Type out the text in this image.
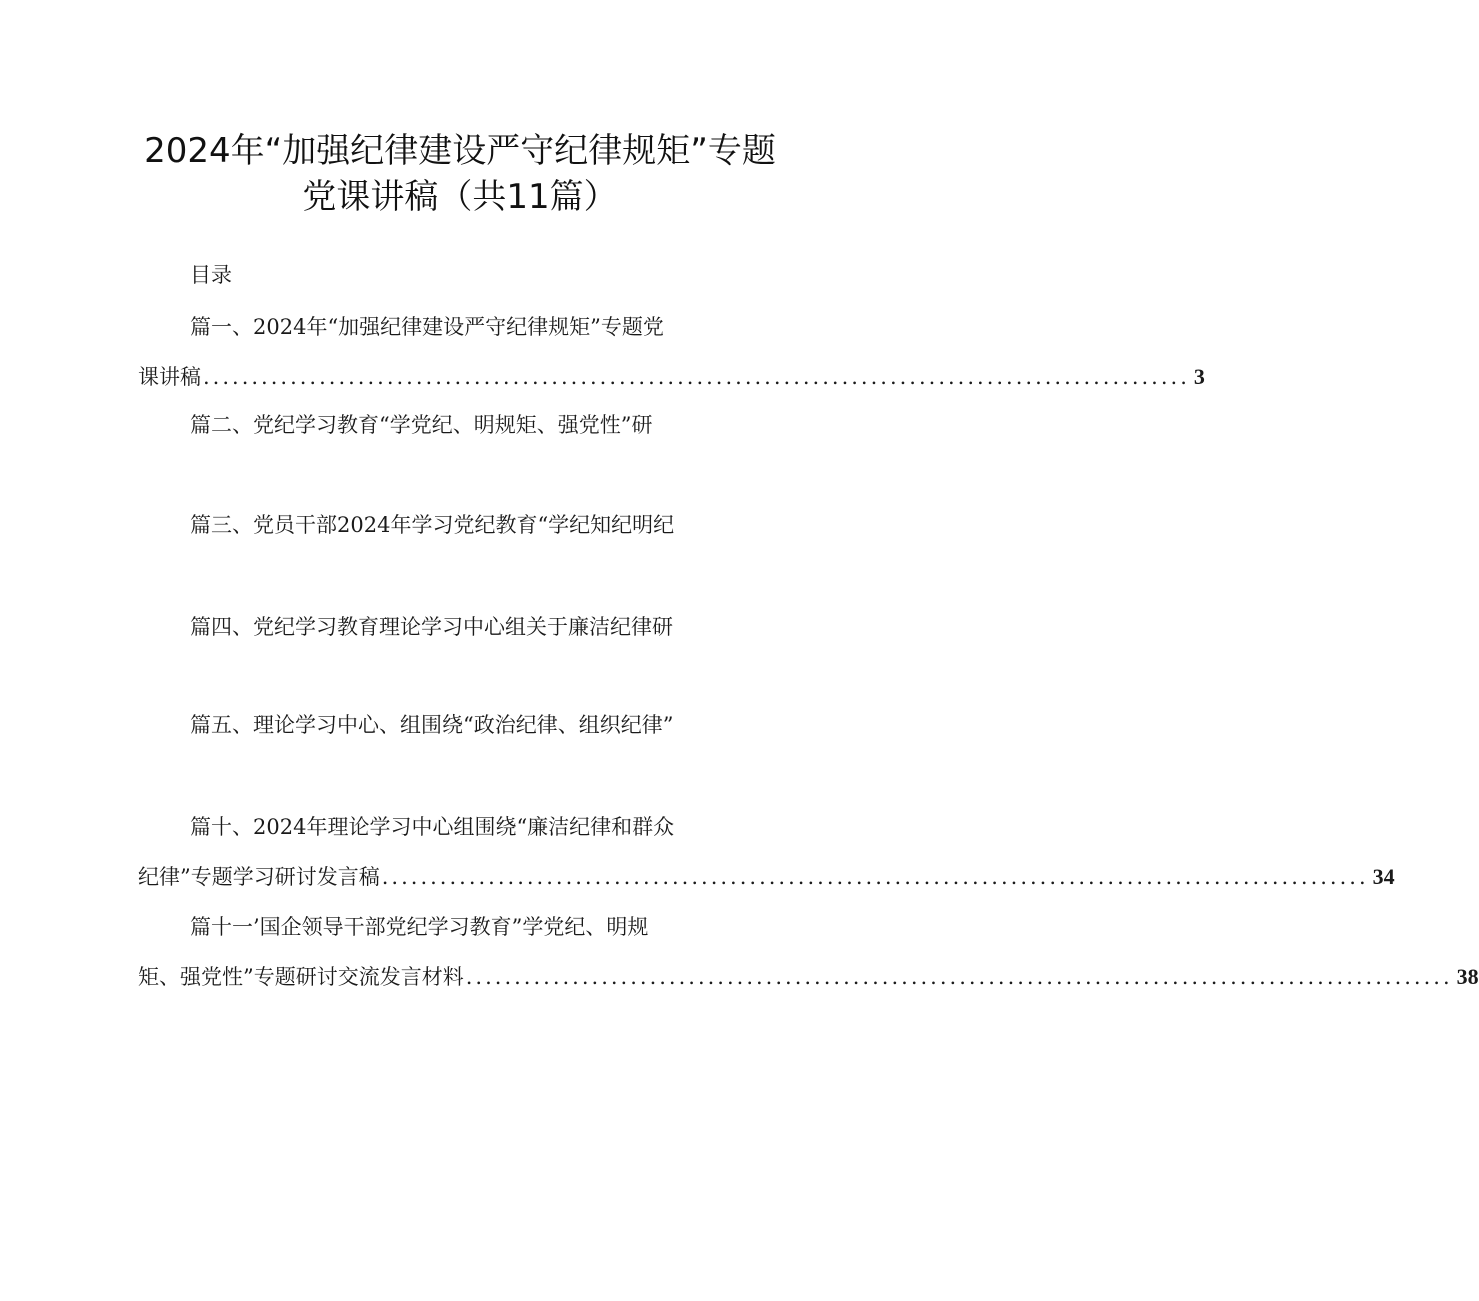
2024年“加强纪律建设严守纪律规矩”专题
党课讲稿（共11篇）
目录
篇一、2024年“加强纪律建设严守纪律规矩”专题党
课讲稿 ...................................................................................................... 3
篇二、党纪学习教育“学党纪、明规矩、强党性”研
篇三、党员干部2024年学习党纪教育“学纪知纪明纪
篇四、党纪学习教育理论学习中心组关于廉洁纪律研
篇五、理论学习中心、组围绕“政治纪律、组织纪律”
篇十、2024年理论学习中心组围绕“廉洁纪律和群众
纪律”专题学习研讨发言稿 ...................................................................................................... 34
篇十一’国企领导干部党纪学习教育”学党纪、明规
矩、强党性”专题研讨交流发言材料 ...................................................................................................... 38
